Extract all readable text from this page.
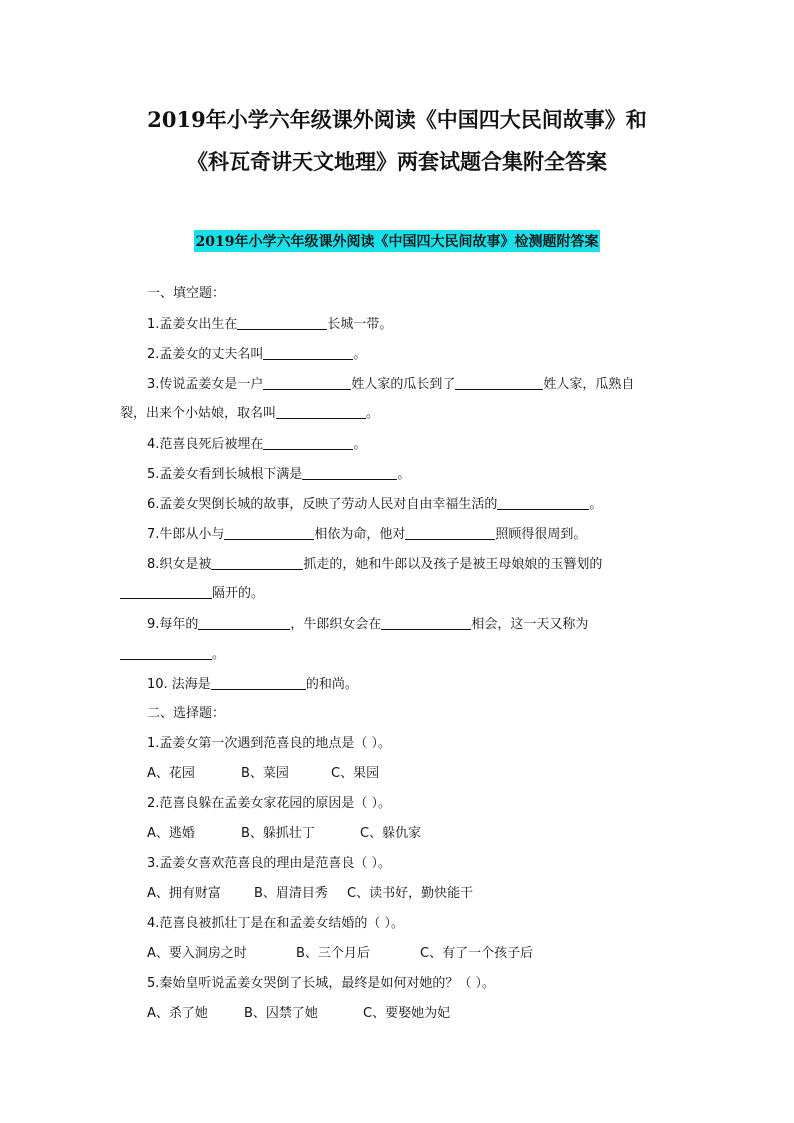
2019年小学六年级课外阅读《中国四大民间故事》和
《科瓦奇讲天文地理》两套试题合集附全答案
2019年小学六年级课外阅读《中国四大民间故事》检测题附答案
一、填空题：
1.孟姜女出生在	长城一带。
2.孟姜女的丈夫名叫	。
3.传说孟姜女是一户	姓人家的瓜长到了	姓人家，瓜熟自
裂，出来个小姑娘，取名叫	。
4.范喜良死后被埋在	。
5.孟姜女看到长城根下满是	。
6.孟姜女哭倒长城的故事，反映了劳动人民对自由幸福生活的	。
7.牛郎从小与	相依为命，他对	照顾得很周到。
8.织女是被	抓走的，她和牛郎以及孩子是被王母娘娘的玉簪划的
隔开的。
9.每年的	，牛郎织女会在	相会，这一天又称为
。
10. 法海是	的和尚。
二、选择题：
1.孟姜女第一次遇到范喜良的地点是（ ）。
A、花园	B、菜园	C、果园
2.范喜良躲在孟姜女家花园的原因是（ ）。
A、逃婚	B、躲抓壮丁	C、躲仇家
3.孟姜女喜欢范喜良的理由是范喜良（ ）。
A、拥有财富	B、眉清目秀 C、读书好，勤快能干
4.范喜良被抓壮丁是在和孟姜女结婚的（ ）。
A、要入洞房之时	B、三个月后	C、有了一个孩子后
5.秦始皇听说孟姜女哭倒了长城，最终是如何对她的？（ ）。
A、杀了她	B、囚禁了她	C、要娶她为妃
